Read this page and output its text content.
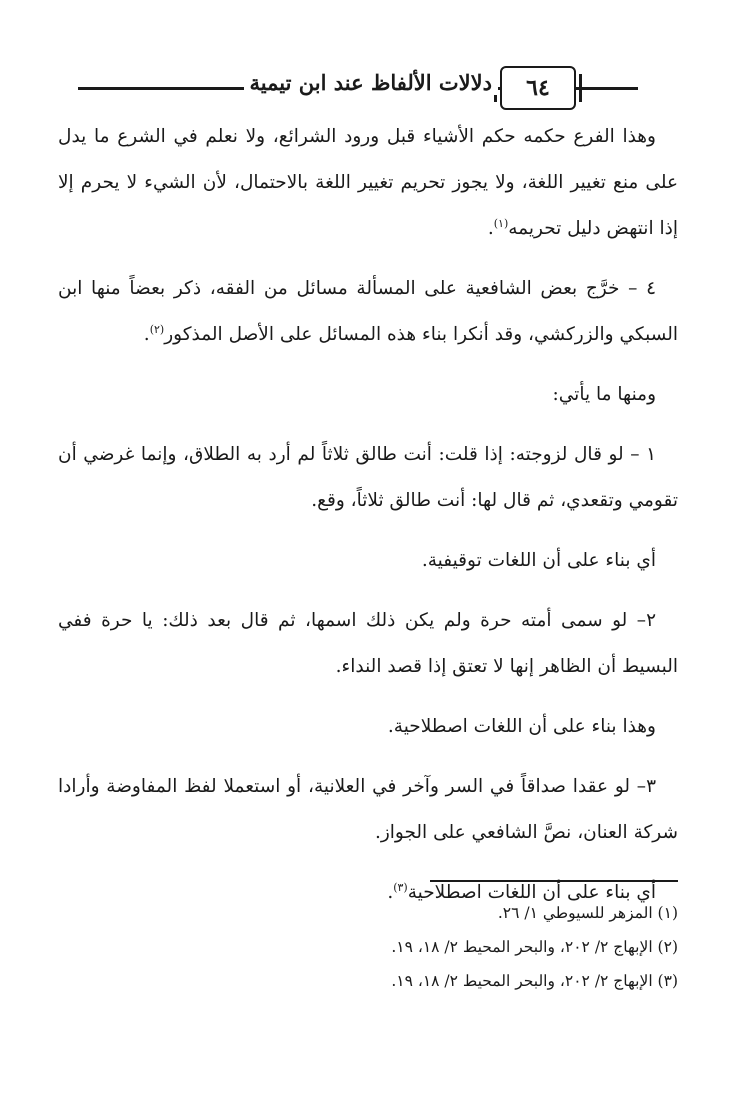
٦٤
دلالات الألفاظ عند ابن تيمية

وهذا الفرع حكمه حكم الأشياء قبل ورود الشرائع، ولا نعلم في الشرع ما يدل على منع تغيير اللغة، ولا يجوز تحريم تغيير اللغة بالاحتمال، لأن الشيء لا يحرم إلا إذا انتهض دليل تحريمه$^{(١)}$.

٤ – خرَّج بعض الشافعية على المسألة مسائل من الفقه، ذكر بعضاً منها ابن السبكي والزركشي، وقد أنكرا بناء هذه المسائل على الأصل المذكور$^{(٢)}$.

ومنها ما يأتي:

١ – لو قال لزوجته: إذا قلت: أنت طالق ثلاثاً لم أرد به الطلاق، وإنما غرضي أن تقومي وتقعدي، ثم قال لها: أنت طالق ثلاثاً، وقع.

أي بناء على أن اللغات توقيفية.

٢– لو سمى أمته حرة ولم يكن ذلك اسمها، ثم قال بعد ذلك: يا حرة ففي البسيط أن الظاهر إنها لا تعتق إذا قصد النداء.

وهذا بناء على أن اللغات اصطلاحية.

٣– لو عقدا صداقاً في السر وآخر في العلانية، أو استعملا لفظ المفاوضة وأرادا شركة العنان، نصَّ الشافعي على الجواز.

أي بناء على أن اللغات اصطلاحية$^{(٣)}$.

(١) المزهر للسيوطي ١/ ٢٦.
(٢) الإبهاج ٢/ ٢٠٢، والبحر المحيط ٢/ ١٨، ١٩.
(٣) الإبهاج ٢/ ٢٠٢، والبحر المحيط ٢/ ١٨، ١٩.
